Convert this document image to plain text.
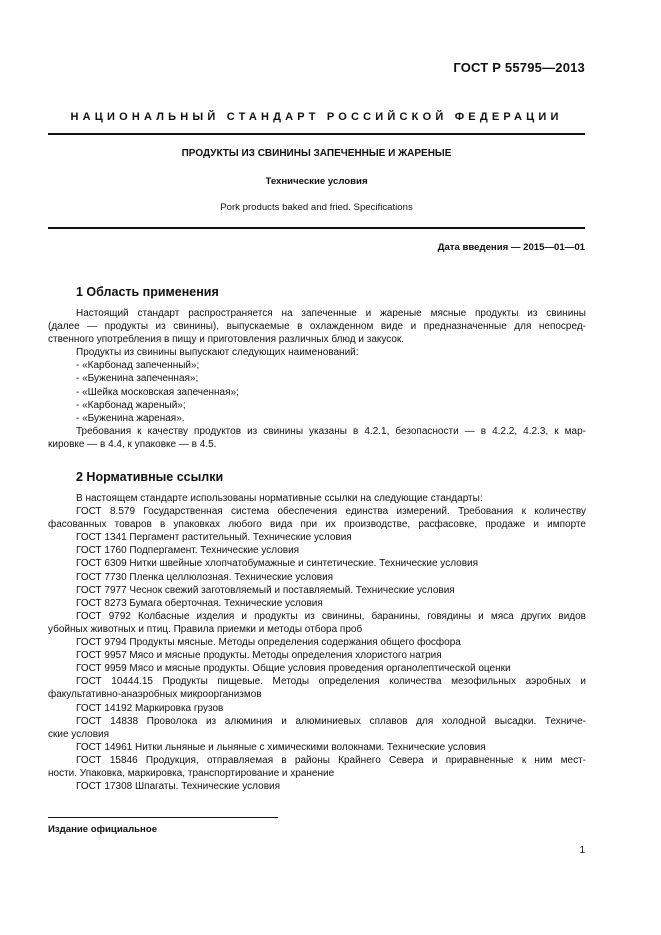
ГОСТ Р 55795—2013
НАЦИОНАЛЬНЫЙ СТАНДАРТ РОССИЙСКОЙ ФЕДЕРАЦИИ
ПРОДУКТЫ ИЗ СВИНИНЫ ЗАПЕЧЕННЫЕ И ЖАРЕНЫЕ
Технические условия
Pork products baked and fried. Specifications
Дата введения — 2015—01—01
1 Область применения
Настоящий стандарт распространяется на запеченные и жареные мясные продукты из свинины
(далее — продукты из свинины), выпускаемые в охлажденном виде и предназначенные для непосред-
ственного употребления в пищу и приготовления различных блюд и закусок.
Продукты из свинины выпускают следующих наименований:
- «Карбонад запеченный»;
- «Буженина запеченная»;
- «Шейка московская запеченная»;
- «Карбонад жареный»;
- «Буженина жареная».
Требования к качеству продуктов из свинины указаны в 4.2.1, безопасности — в 4.2.2, 4.2.3, к мар-
кировке — в 4.4, к упаковке — в 4.5.
2 Нормативные ссылки
В настоящем стандарте использованы нормативные ссылки на следующие стандарты:
ГОСТ 8.579 Государственная система обеспечения единства измерений. Требования к количеству
фасованных товаров в упаковках любого вида при их производстве, расфасовке, продаже и импорте
ГОСТ 1341 Пергамент растительный. Технические условия
ГОСТ 1760 Подпергамент. Технические условия
ГОСТ 6309 Нитки швейные хлопчатобумажные и синтетические. Технические условия
ГОСТ 7730 Пленка целлюлозная. Технические условия
ГОСТ 7977 Чеснок свежий заготовляемый и поставляемый. Технические условия
ГОСТ 8273 Бумага оберточная. Технические условия
ГОСТ 9792 Колбасные изделия и продукты из свинины, баранины, говядины и мяса других видов
убойных животных и птиц. Правила приемки и методы отбора проб
ГОСТ 9794 Продукты мясные. Методы определения содержания общего фосфора
ГОСТ 9957 Мясо и мясные продукты. Методы определения хлористого натрия
ГОСТ 9959 Мясо и мясные продукты. Общие условия проведения органолептической оценки
ГОСТ 10444.15 Продукты пищевые. Методы определения количества мезофильных аэробных и
факультативно-анаэробных микроорганизмов
ГОСТ 14192 Маркировка грузов
ГОСТ 14838 Проволока из алюминия и алюминиевых сплавов для холодной высадки. Техниче-
ские условия
ГОСТ 14961 Нитки льняные и льняные с химическими волокнами. Технические условия
ГОСТ 15846 Продукция, отправляемая в районы Крайнего Севера и приравненные к ним мест-
ности. Упаковка, маркировка, транспортирование и хранение
ГОСТ 17308 Шпагаты. Технические условия
Издание официальное
1
